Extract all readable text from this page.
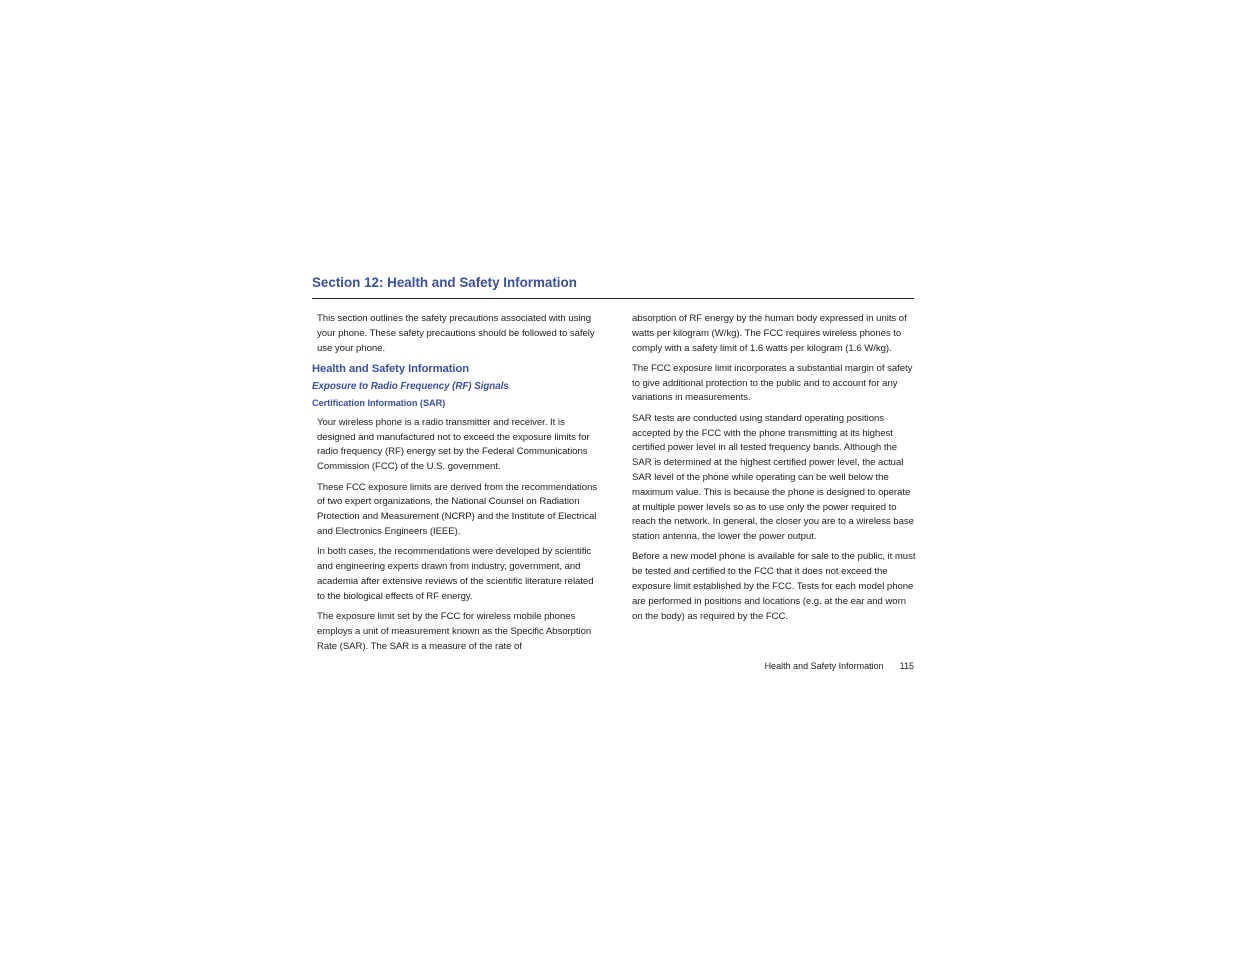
Section 12: Health and Safety Information

This section outlines the safety precautions associated with using your phone. These safety precautions should be followed to safely use your phone.

Health and Safety Information
Exposure to Radio Frequency (RF) Signals
Certification Information (SAR)

Your wireless phone is a radio transmitter and receiver. It is designed and manufactured not to exceed the exposure limits for radio frequency (RF) energy set by the Federal Communications Commission (FCC) of the U.S. government.

These FCC exposure limits are derived from the recommendations of two expert organizations, the National Counsel on Radiation Protection and Measurement (NCRP) and the Institute of Electrical and Electronics Engineers (IEEE).

In both cases, the recommendations were developed by scientific and engineering experts drawn from industry, government, and academia after extensive reviews of the scientific literature related to the biological effects of RF energy.

The exposure limit set by the FCC for wireless mobile phones employs a unit of measurement known as the Specific Absorption Rate (SAR). The SAR is a measure of the rate of

absorption of RF energy by the human body expressed in units of watts per kilogram (W/kg). The FCC requires wireless phones to comply with a safety limit of 1.6 watts per kilogram (1.6 W/kg).

The FCC exposure limit incorporates a substantial margin of safety to give additional protection to the public and to account for any variations in measurements.

SAR tests are conducted using standard operating positions accepted by the FCC with the phone transmitting at its highest certified power level in all tested frequency bands. Although the SAR is determined at the highest certified power level, the actual SAR level of the phone while operating can be well below the maximum value. This is because the phone is designed to operate at multiple power levels so as to use only the power required to reach the network. In general, the closer you are to a wireless base station antenna, the lower the power output.

Before a new model phone is available for sale to the public, it must be tested and certified to the FCC that it does not exceed the exposure limit established by the FCC. Tests for each model phone are performed in positions and locations (e.g. at the ear and worn on the body) as required by the FCC.

Health and Safety Information 115
